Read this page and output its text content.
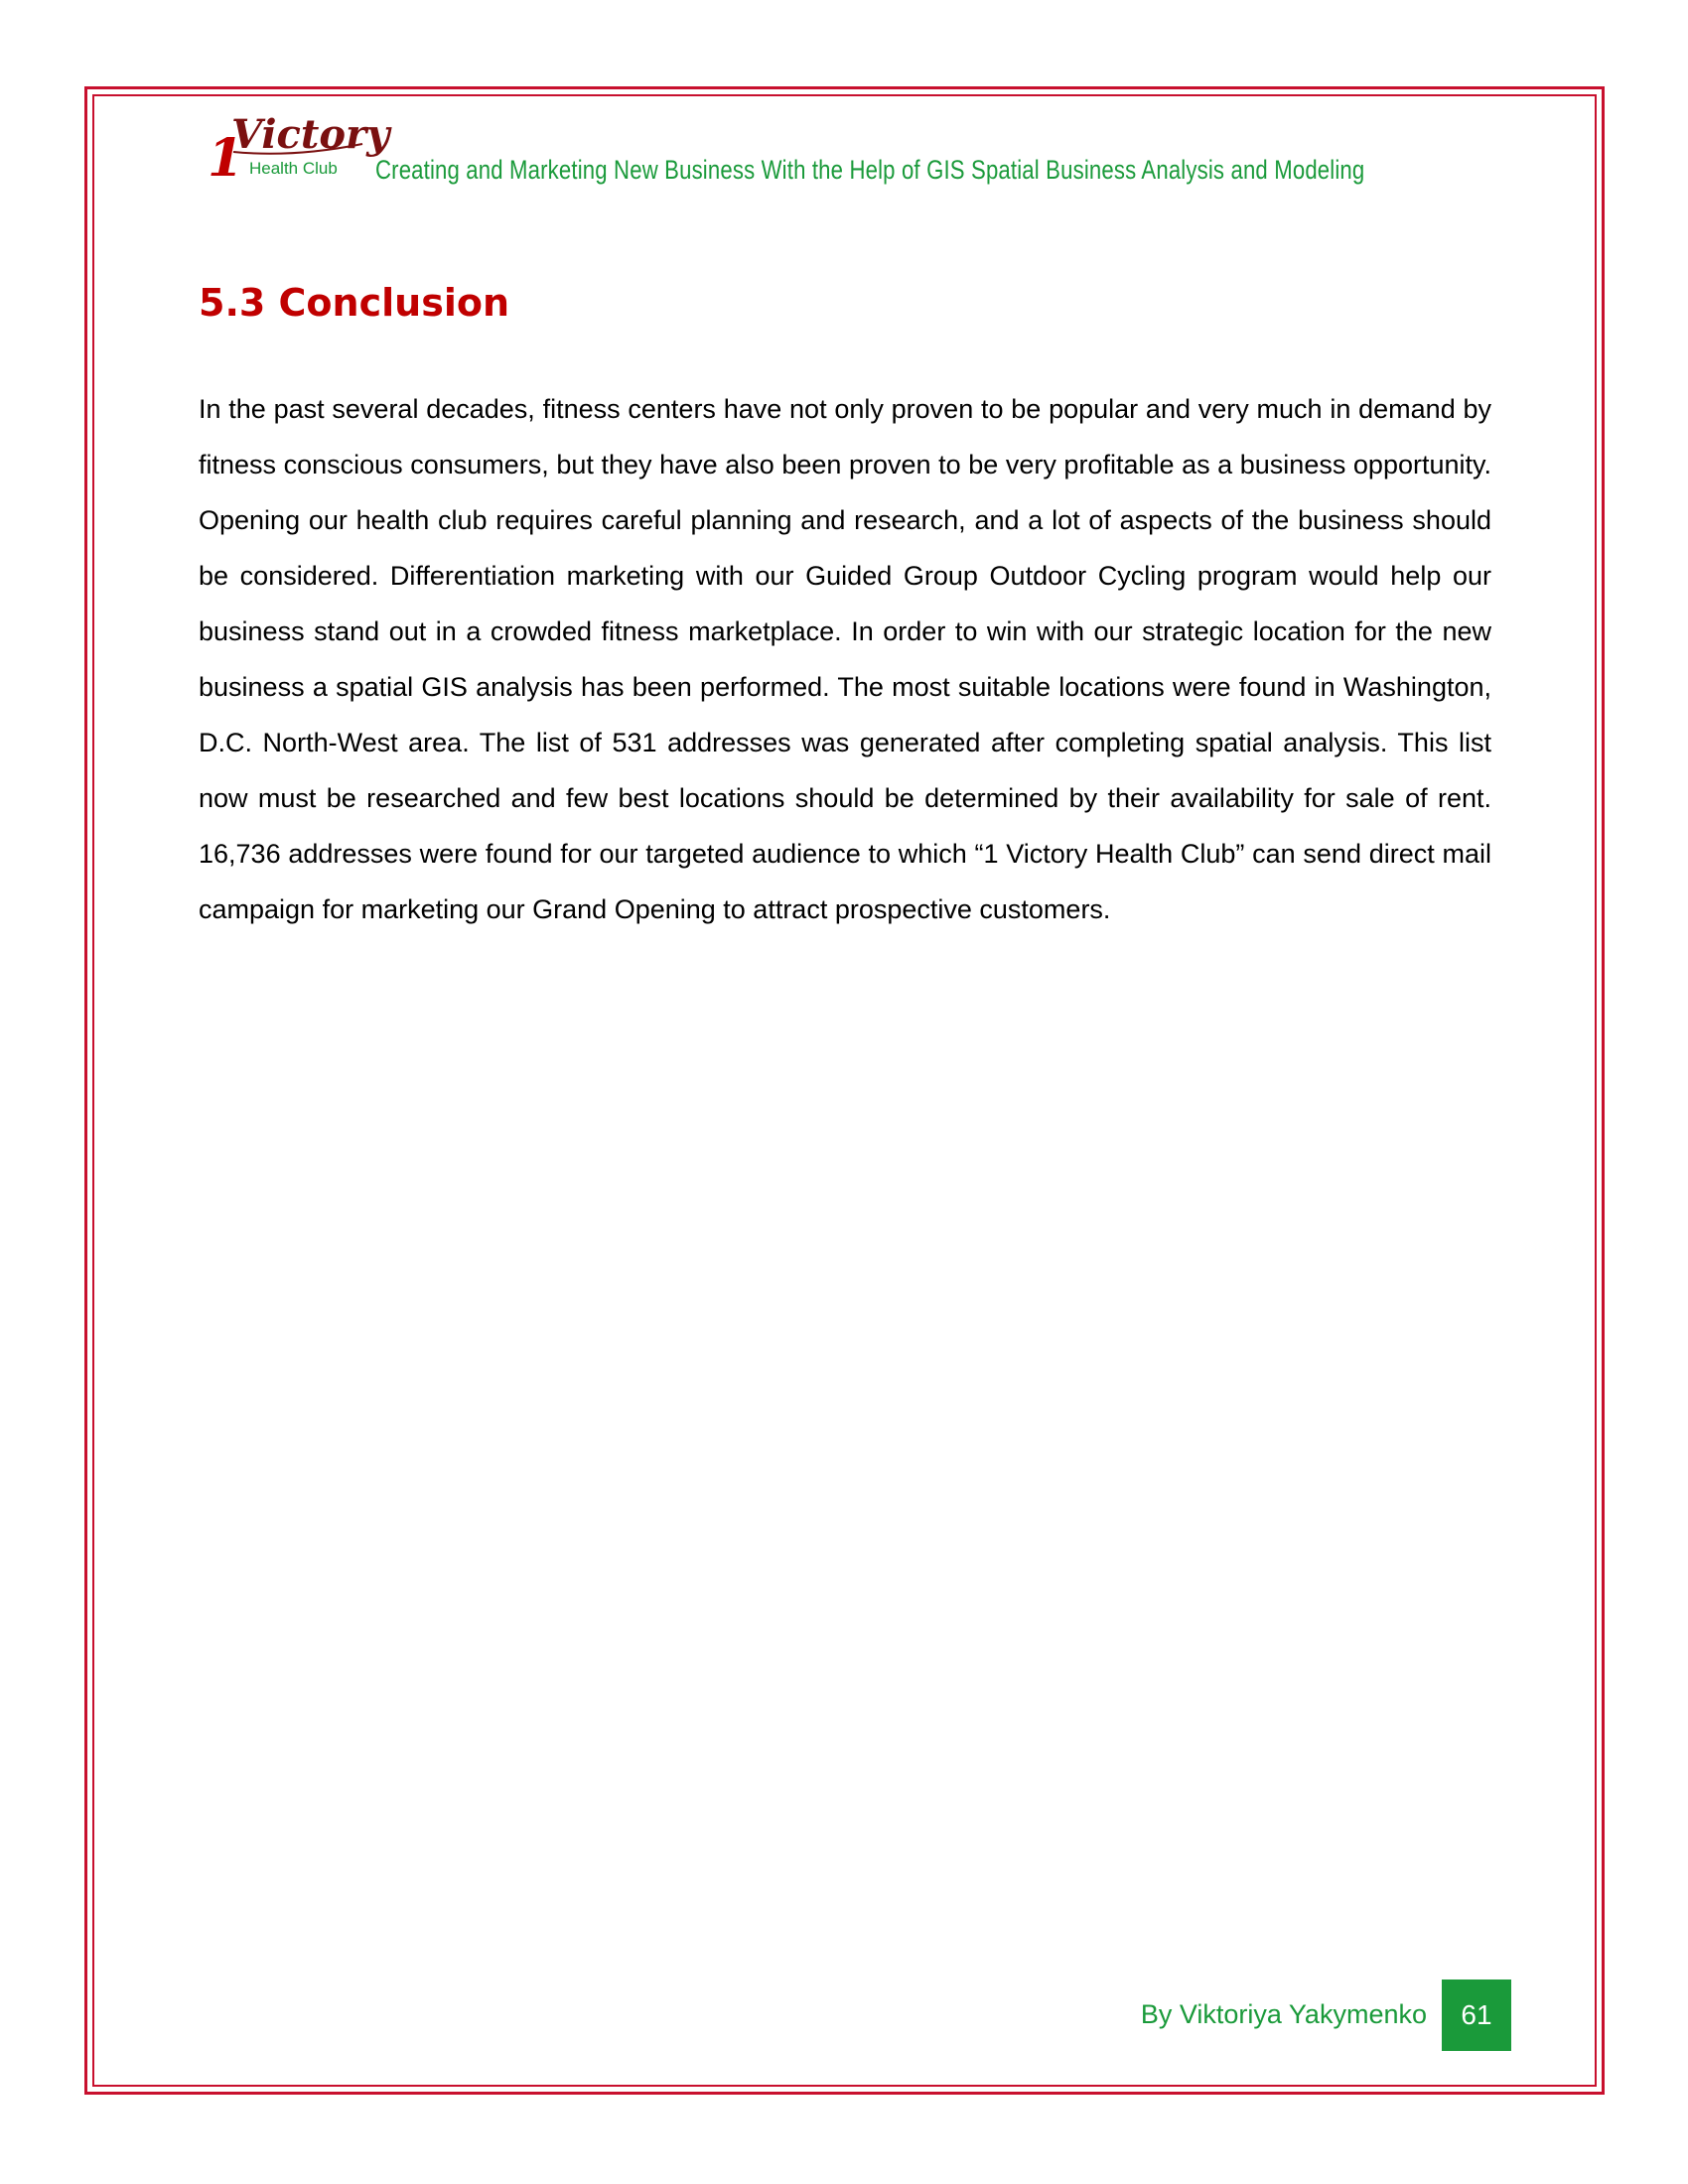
1
Victory
Health Club Creating and Marketing New Business With the Help of GIS Spatial Business Analysis and Modeling
5.3 Conclusion

In the past several decades, fitness centers have not only proven to be popular and very much in demand by fitness conscious consumers, but they have also been proven to be very profitable as a business opportunity. Opening our health club requires careful planning and research, and a lot of aspects of the business should be considered. Differentiation marketing with our Guided Group Outdoor Cycling program would help our business stand out in a crowded fitness marketplace. In order to win with our strategic location for the new business a spatial GIS analysis has been performed. The most suitable locations were found in Washington, D.C. North-West area. The list of 531 addresses was generated after completing spatial analysis. This list now must be researched and few best locations should be determined by their availability for sale of rent. 16,736 addresses were found for our targeted audience to which “1 Victory Health Club” can send direct mail campaign for marketing our Grand Opening to attract prospective customers.

By Viktoriya Yakymenko	61
